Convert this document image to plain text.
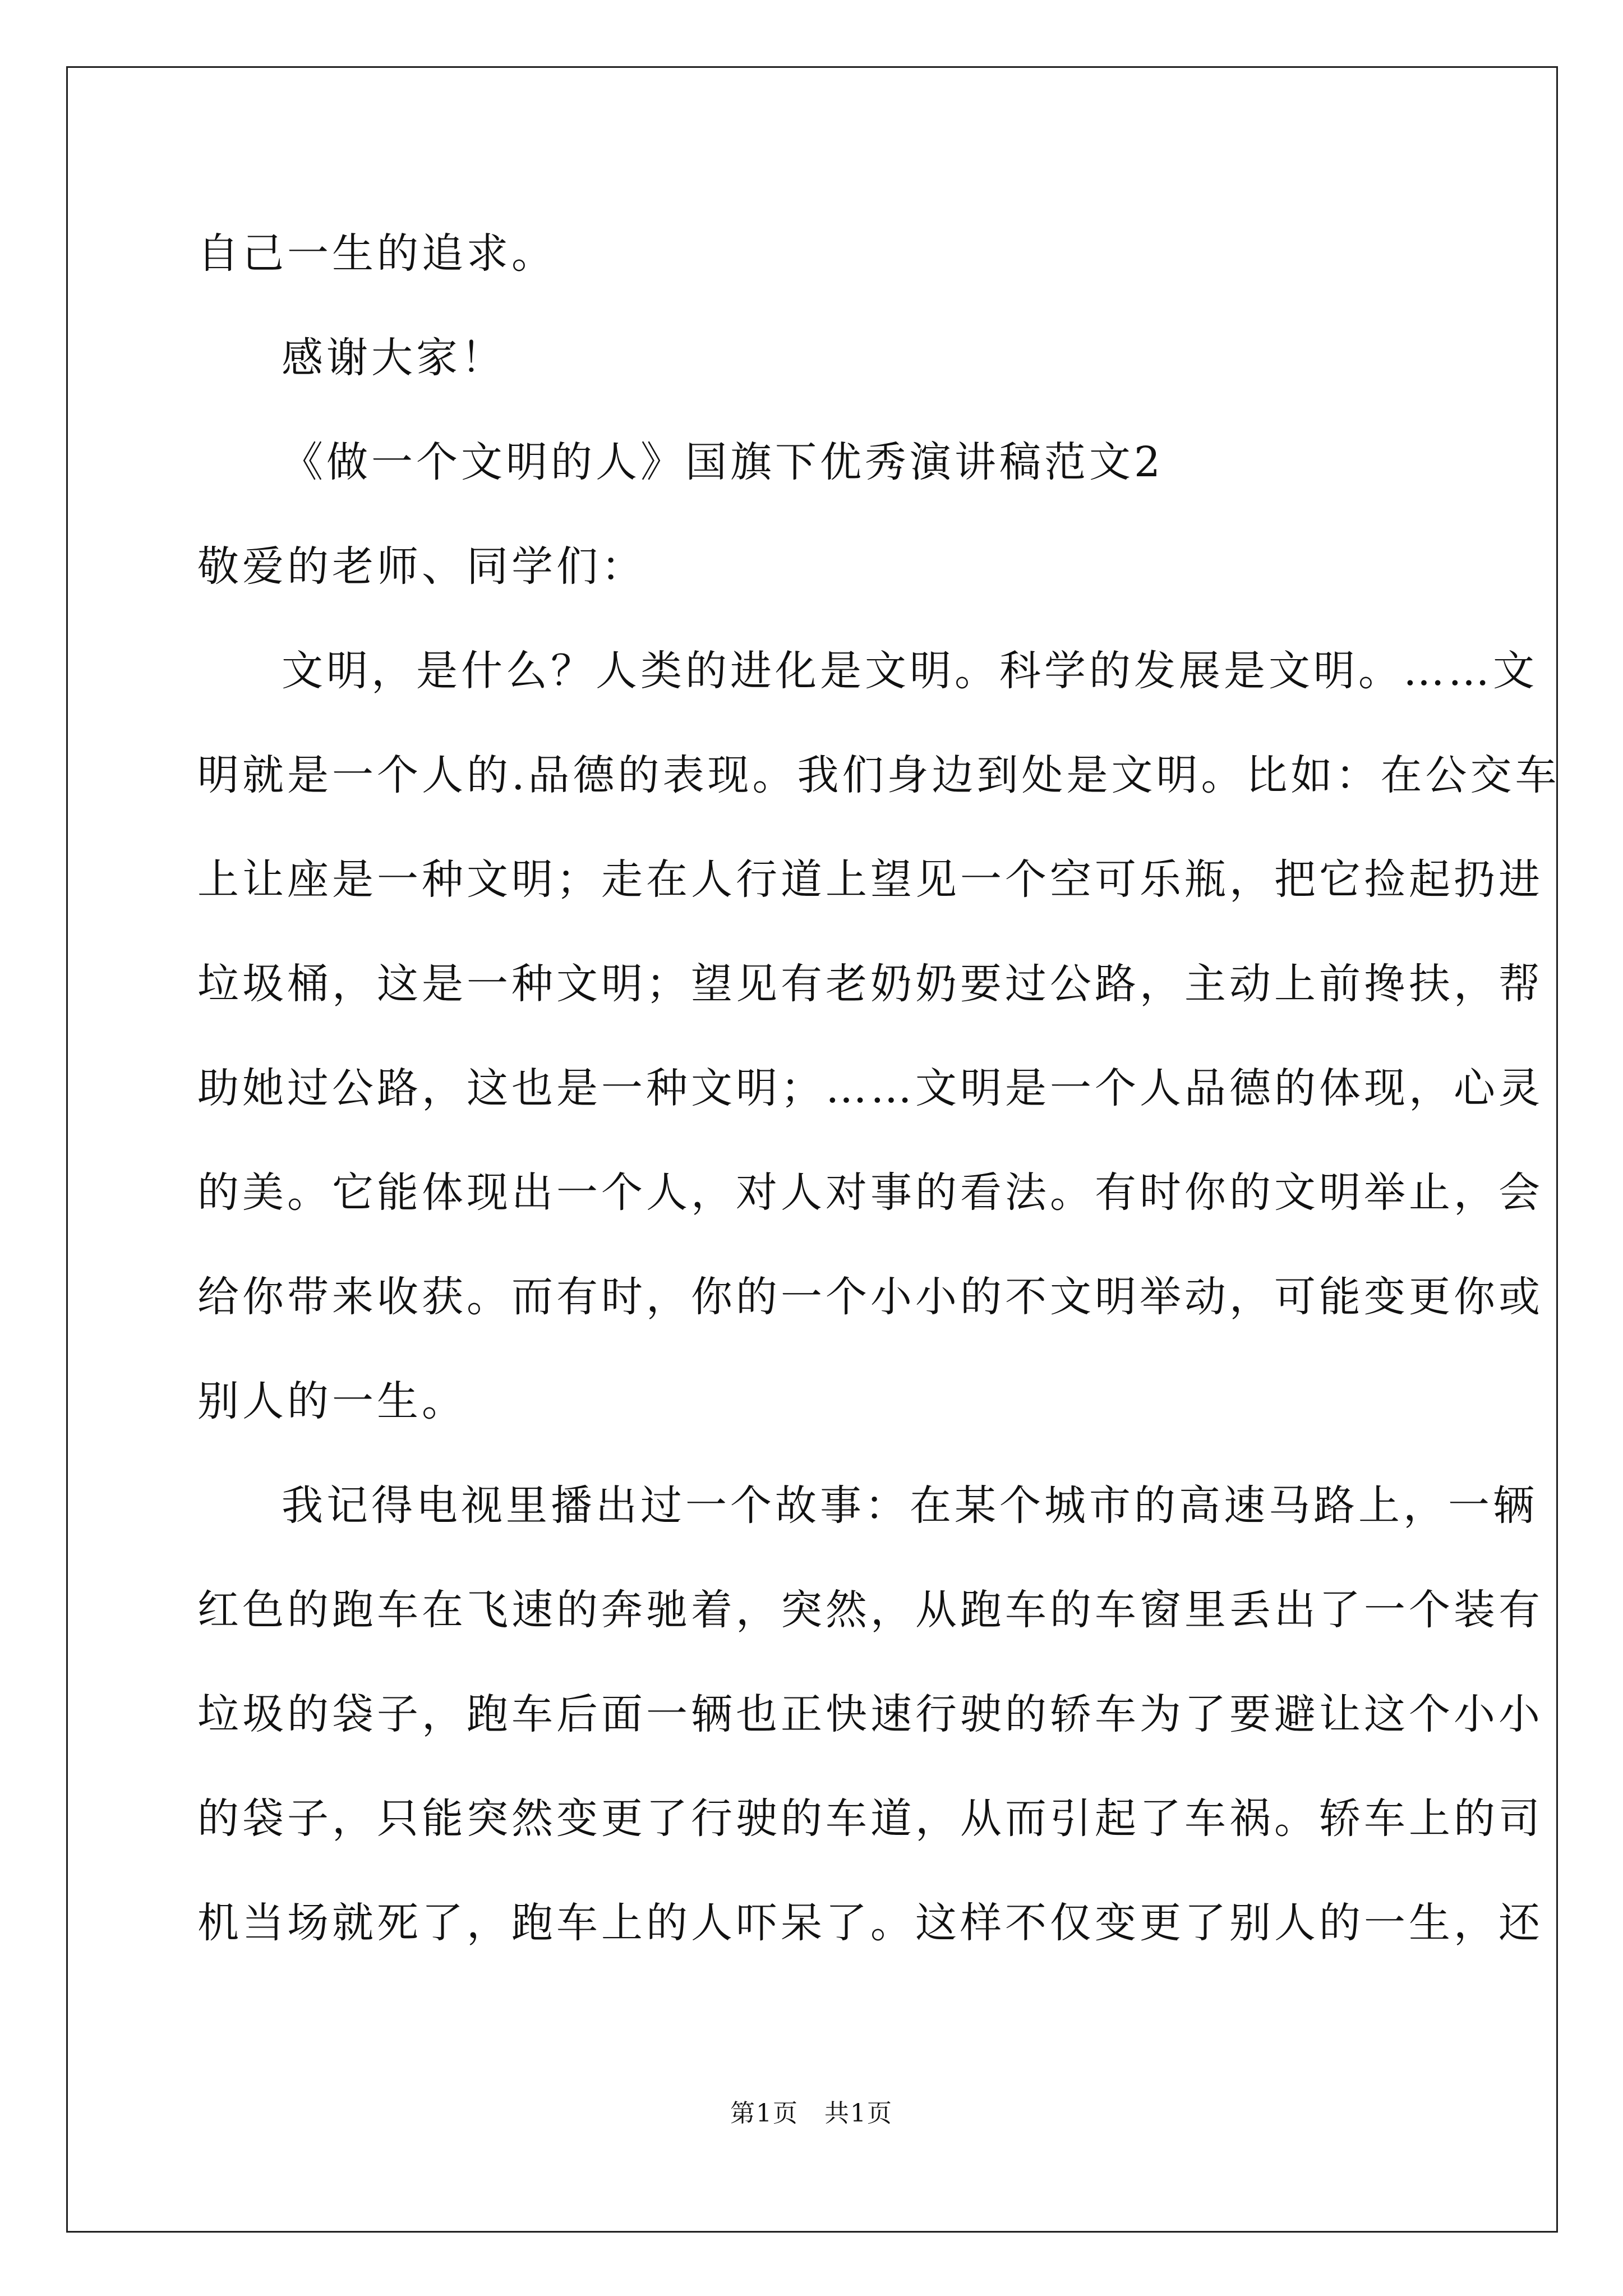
自己一生的追求。
感谢大家！
《做一个文明的人》国旗下优秀演讲稿范文2
敬爱的老师、同学们：
文明，是什么？人类的进化是文明。科学的发展是文明。……文
明就是一个人的.品德的表现。我们身边到处是文明。比如：在公交车
上让座是一种文明；走在人行道上望见一个空可乐瓶，把它捡起扔进
垃圾桶，这是一种文明；望见有老奶奶要过公路，主动上前搀扶，帮
助她过公路，这也是一种文明；……文明是一个人品德的体现，心灵
的美。它能体现出一个人，对人对事的看法。有时你的文明举止，会
给你带来收获。而有时，你的一个小小的不文明举动，可能变更你或
别人的一生。
我记得电视里播出过一个故事：在某个城市的高速马路上，一辆
红色的跑车在飞速的奔驰着，突然，从跑车的车窗里丢出了一个装有
垃圾的袋子，跑车后面一辆也正快速行驶的轿车为了要避让这个小小
的袋子，只能突然变更了行驶的车道，从而引起了车祸。轿车上的司
机当场就死了，跑车上的人吓呆了。这样不仅变更了别人的一生，还
第1页　共1页
